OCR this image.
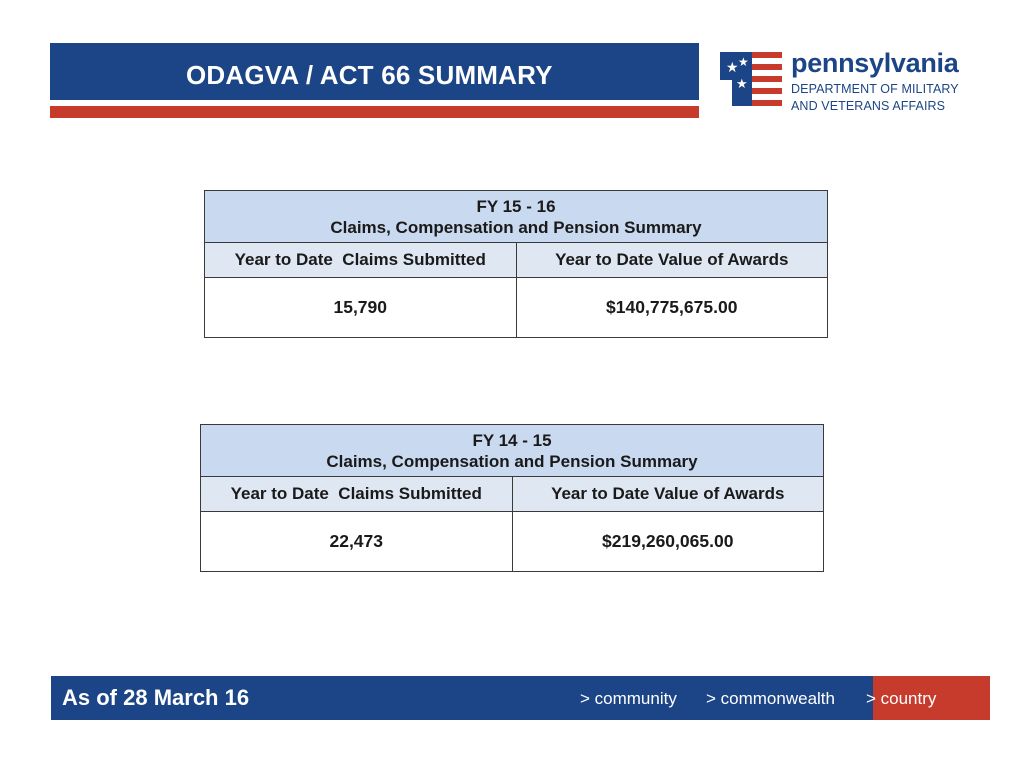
ODAGVA / ACT 66 SUMMARY	★ ★
★
pennsylvania
DEPARTMENT OF MILITARY
AND VETERANS AFFAIRS
FY 15 - 16
Claims, Compensation and Pension Summary	

Year to Date  Claims Submitted	Year to Date Value of Awards
15,790	$140,775,675.00
FY 14 - 15
Claims, Compensation and Pension Summary	

Year to Date  Claims Submitted	Year to Date Value of Awards
22,473	$219,260,065.00
As of 28 March 16	> community > commonwealth > country
